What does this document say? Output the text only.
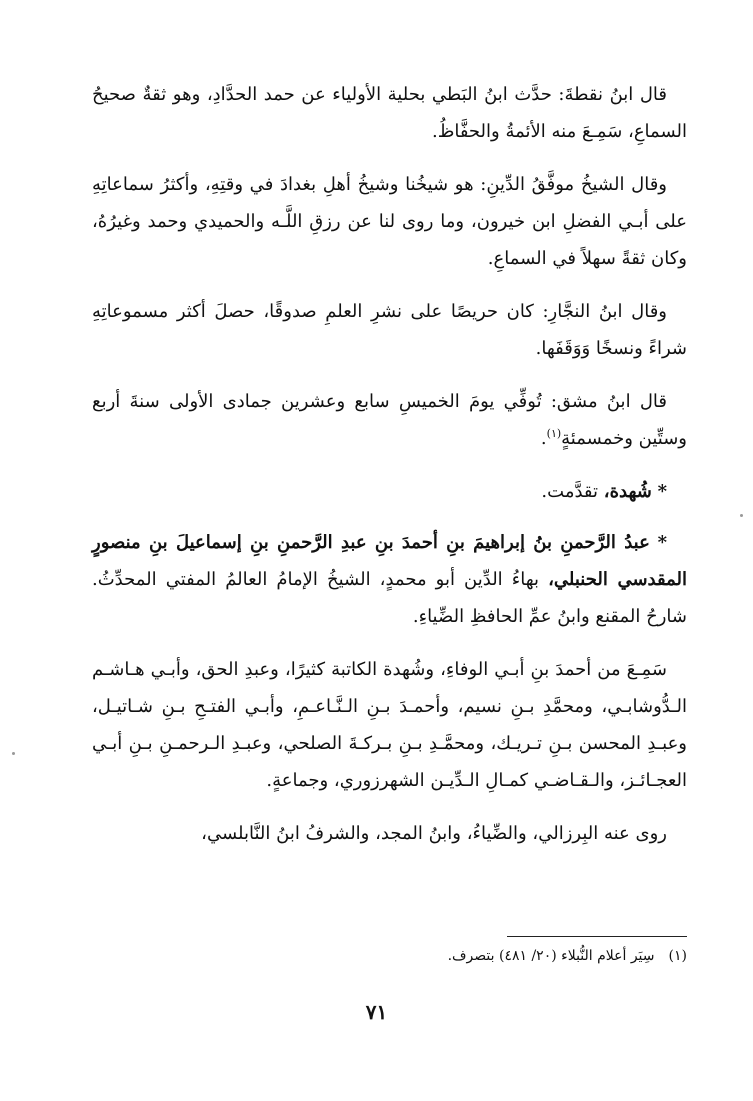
قال ابنُ نقطةَ: حدَّث ابنُ البَطي بحلية الأولياء عن حمد الحدَّادِ، وهو ثقةٌ صحيحُ السماعِ، سَمِـعَ منه الأئمةُ والحفَّاظُ.

وقال الشيخُ موفَّقُ الدِّينِ: هو شيخُنا وشيخُ أهلِ بغدادَ في وقتِهِ، وأكثرُ سماعاتِهِ على أبـي الفضلِ ابن خيرون، وما روى لنا عن رزقِ اللَّـه والحميدي وحمد وغيرُهُ، وكان ثقةً سهلاً في السماعِ.

وقال ابنُ النجَّارِ: كان حريصًا على نشرِ العلمِ صدوقًا، حصلَ أكثر مسموعاتِهِ شراءً ونسخًا وَوَقَفَها.

قال ابنُ مشق: تُوفِّي يومَ الخميسِ سابع وعشرين جمادى الأولى سنةَ أربع وستِّين وخمسمئةٍ$^{(١)}$.

* شُهدة، تقدَّمت.

* عبدُ الرَّحمنِ بنُ إبراهيمَ بنِ أحمدَ بنِ عبدِ الرَّحمنِ بنِ إسماعيلَ بنِ منصورٍ المقدسي الحنبلي، بهاءُ الدِّين أبو محمدٍ، الشيخُ الإمامُ العالمُ المفتي المحدِّثُ. شارحُ المقنع وابنُ عمِّ الحافظِ الضِّياءِ.

سَمِـعَ من أحمدَ بنِ أبـي الوفاءِ، وشُهدة الكاتبة كثيرًا، وعبدِ الحق، وأبـي هـاشـم الـدُّوشابـي، ومحمَّدِ بـنِ نسيم، وأحمـدَ بـنِ الـنَّـاعـمِ، وأبـي الفتـحِ بـنِ شـاتيـل، وعبـدِ المحسن بـنِ تـريـك، ومحمَّـدِ بـنِ بـركـةَ الصلحي، وعبـدِ الـرحمـنِ بـنِ أبـي العجـائـز، والـقـاضـي كمـالِ الـدِّيـن الشهرزوري، وجماعةٍ.

روى عنه البِرزالي، والضِّياءُ، وابنُ المجد، والشرفُ ابنُ النَّابلسي،

(١)سِيَر أعلام النُّبلاء (٢٠/ ٤٨١) بتصرف.
٧١
